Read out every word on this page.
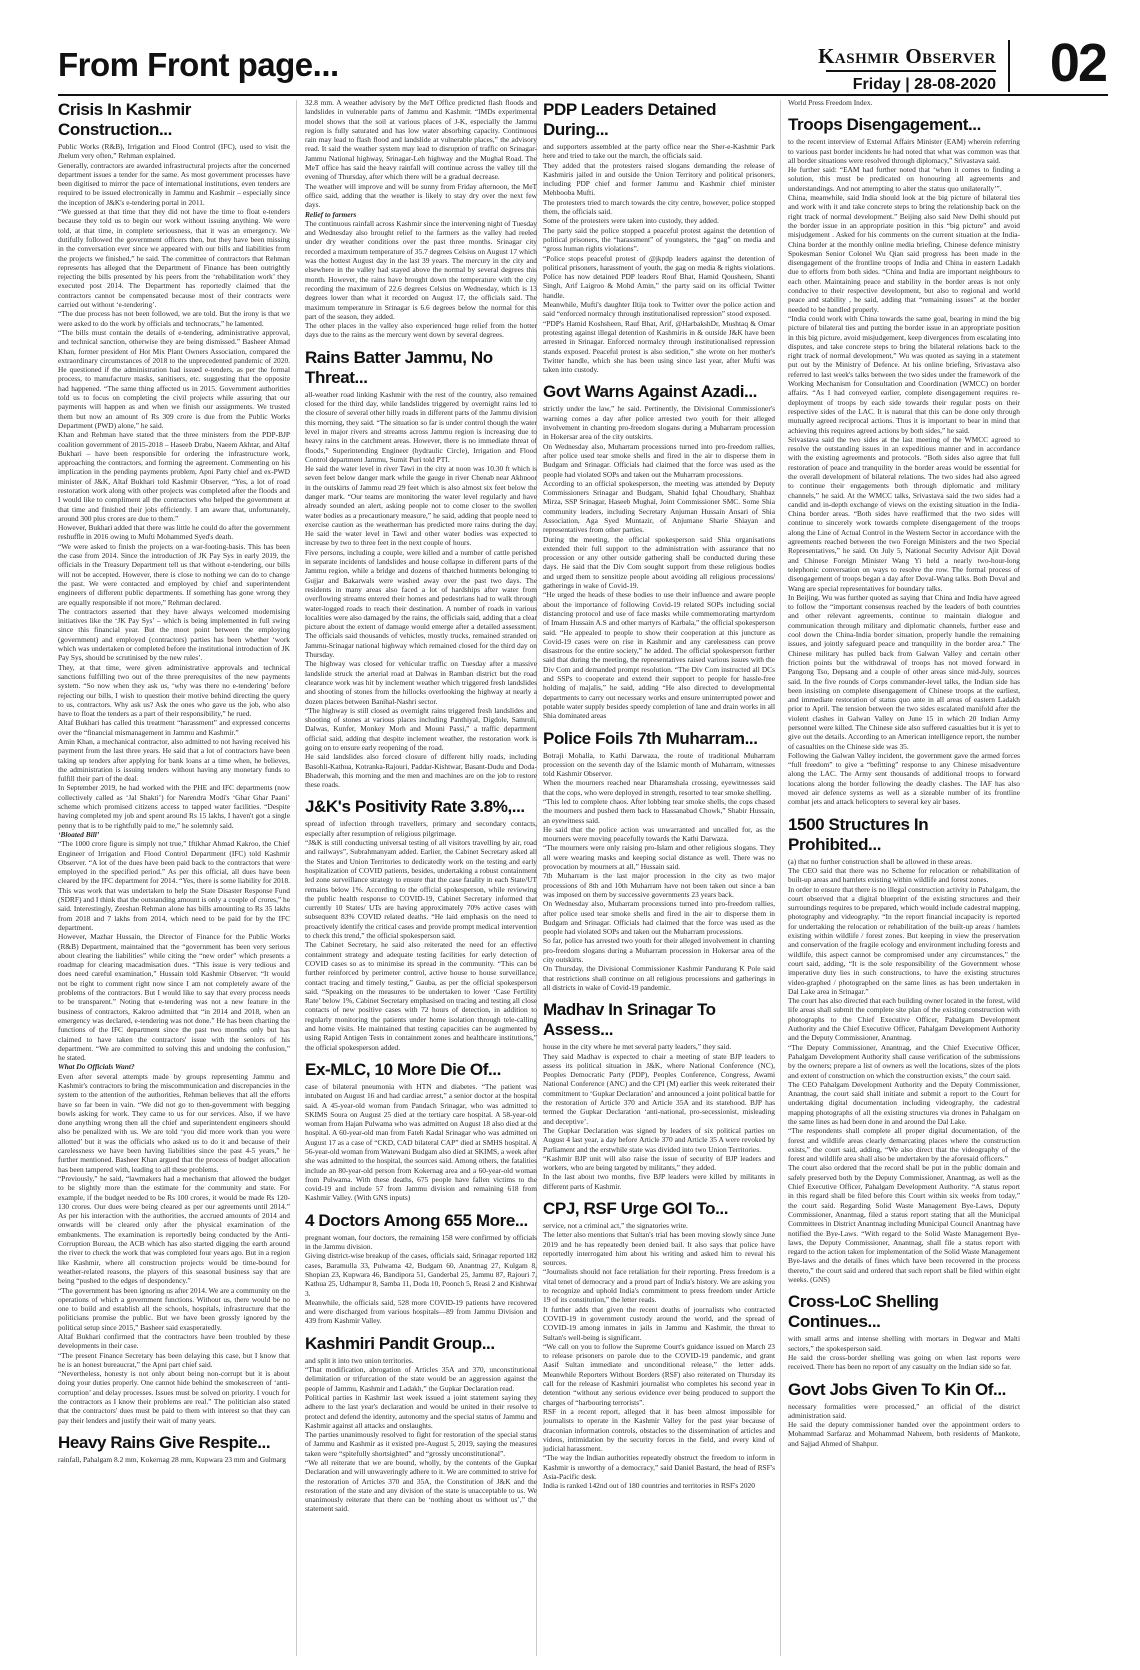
From Front page...	Kashmir Observer
Friday | 28-08-2020 02
Crisis In Kashmir Construction...

Public Works (R&B), Irrigation and Flood Control (IFC), used to visit the Jhelum very often,” Rehman explained.

Generally, contractors are awarded infrastructural projects after the concerned department issues a tender for the same. As most government processes have been digitised to mirror the pace of international institutions, even tenders are required to be issued electronically in Jammu and Kashmir – especially since the inception of J&K's e-tendering portal in 2011.

“We guessed at that time that they did not have the time to float e-tenders because they told us to begin our work without issuing anything. We were told, at that time, in complete seriousness, that it was an emergency. We dutifully followed the government officers then, but they have been missing in the conversation ever since we appeared with our bills and liabilities from the projects we finished,” he said. The committee of contractors that Rehman represents has alleged that the Department of Finance has been outrightly rejecting the bills presented by his peers from the ‘rehabilitation work’ they executed post 2014. The Department has reportedly claimed that the contractors cannot be compensated because most of their contracts were carried out without ‘e-tendering’.

“The due process has not been followed, we are told. But the irony is that we were asked to do the work by officials and technocrats,” he lamented.

“The bills must contain the details of e-tendering, administrative approval, and technical sanction, otherwise they are being dismissed.” Basheer Ahmad Khan, former president of Hot Mix Plant Owners Association, compared the extraordinary circumstances of 2018 to the unprecedented pandemic of 2020. He questioned if the administration had issued e-tenders, as per the formal process, to manufacture masks, sanitisers, etc. suggesting that the opposite had happened. “The same thing affected us in 2015. Government authorities told us to focus on completing the civil projects while assuring that our payments will happen as and when we finish our assignments. We trusted them but now an amount of Rs 309 crore is due from the Public Works Department (PWD) alone,” he said.

Khan and Rehman have stated that the three ministers from the PDP-BJP coalition government of 2015-2018 – Haseeb Drabu, Naeem Akhtar, and Altaf Bukhari – have been responsible for ordering the infrastructure work, approaching the contractors, and forming the agreement. Commenting on his implication in the pending payments problem, Apni Party chief and ex-PWD minister of J&K, Altaf Bukhari told Kashmir Observer, “Yes, a lot of road restoration work along with other projects was completed after the floods and I would like to compliment all the contractors who helped the government at that time and finished their jobs efficiently. I am aware that, unfortunately, around 300 plus crores are due to them.”

However, Bukhari added that there was little he could do after the government reshuffle in 2016 owing to Mufti Mohammed Syed's death.

“We were asked to finish the projects on a war-footing-basis. This has been the case from 2014. Since the introduction of JK Pay Sys in early 2019, the officials in the Treasury Department tell us that without e-tendering, our bills will not be accepted. However, there is close to nothing we can do to change the past. We were contacted and employed by chief and superintendent engineers of different public departments. If something has gone wrong they are equally responsible if not more,” Rehman declared.

The contractors asserted that they have always welcomed modernising initiatives like the ‘JK Pay Sys’ – which is being implemented in full swing since this financial year. But the moot point between the employing (government) and employed (contractors) parties has been whether ‘work which was undertaken or completed before the institutional introduction of JK Pay Sys, should be scrutinised by the new rules’.

They, at that time, were given administrative approvals and technical sanctions fulfilling two out of the three prerequisites of the new payments system. “So now when they ask us, ‘why was there no e-tendering’ before rejecting our bills, I wish to question their motive behind directing the query to us, contractors. Why ask us? Ask the ones who gave us the job, who also have to float the tenders as a part of their responsibility,” he rued.

Altaf Bukhari has called this treatment “harassment” and expressed concerns over the “financial mismanagement in Jammu and Kashmir.”

Amin Khan, a mechanical contractor, also admitted to not having received his payment from the last three years. He said that a lot of contractors have been taking up tenders after applying for bank loans at a time when, he believes, the administration is issuing tenders without having any monetary funds to fulfill their part of the deal.

In September 2019, he had worked with the PHE and IFC departments (now collectively called as ‘Jal Shakti’) for Narendra Modi's ‘Ghar Ghar Paani’ scheme which promised citizens access to tapped water facilities. “Despite having completed my job and spent around Rs 15 lakhs, I haven't got a single penny that is to be rightfully paid to me,” he solemnly said.

‘Bloated Bill’

“The 1000 crore figure is simply not true,” Iftikhar Ahmad Kakroo, the Chief Engineer of Irrigation and Flood Control Department (IFC) told Kashmir Observer. “A lot of the dues have been paid back to the contractors that were employed in the specified period.” As per this official, all dues have been cleared by the IFC department for 2014. “Yes, there is some liability for 2018. This was work that was undertaken to help the State Disaster Response Fund (SDRF) and I think that the outstanding amount is only a couple of crores,” he said. Interestingly, Zeeshan Rehman alone has bills amounting to Rs 35 lakhs from 2018 and 7 lakhs from 2014, which need to be paid for by the IFC department.

However, Mazhar Hussain, the Director of Finance for the Public Works (R&B) Department, maintained that the “government has been very serious about clearing the liabilities” while citing the “new order” which presents a roadmap for clearing macadmisation dues. “This issue is very tedious and does need careful examination,” Hussain told Kashmir Observer. “It would not be right to comment right now since I am not completely aware of the problems of the contractors. But I would like to say that every process needs to be transparent.” Noting that e-tendering was not a new feature in the business of contractors, Kakroo admitted that “in 2014 and 2018, when an emergency was declared, e-tendering was not done.” He has been charting the functions of the IFC department since the past two months only but has claimed to have taken the contractors' issue with the seniors of his department. “We are committed to solving this and undoing the confusion,” he stated.

What Do Officials Want?

Even after several attempts made by groups representing Jammu and Kashmir's contractors to bring the miscommunication and discrepancies in the system to the attention of the authorities, Rehman believes that all the efforts have so far been in vain. “We did not go to then-government with begging bowls asking for work. They came to us for our services. Also, if we have done anything wrong then all the chief and superintendent engineers should also be penalized with us. We are told ‘you did more work than you were allotted’ but it was the officials who asked us to do it and because of their carelessness we have been having liabilities since the past 4-5 years,” he further mentioned. Basheer Khan argued that the process of budget allocation has been tampered with, leading to all these problems.

“Previously,” he said, “lawmakers had a mechanism that allowed the budget to be slightly more than the estimate for the community and state. For example, if the budget needed to be Rs 100 crores, it would be made Rs 120-130 crores. Our dues were being cleared as per our agreements until 2014.” As per his interaction with the authorities, the accrued amounts of 2014 and onwards will be cleared only after the physical examination of the embankments. The examination is reportedly being conducted by the Anti-Corruption Bureau, the ACB which has also started digging the earth around the river to check the work that was completed four years ago. But in a region like Kashmir, where all construction projects would be time-bound for weather-related reasons, the players of this seasonal business say that are being “pushed to the edges of despondency.”

“The government has been ignoring us after 2014. We are a community on the operations of which a government functions. Without us, there would be no one to build and establish all the schools, hospitals, infrastructure that the politicians promise the public. But we have been grossly ignored by the political setup since 2015,” Basheer said exasperatedly.

Altaf Bukhari confirmed that the contractors have been troubled by these developments in their case.

“The present Finance Secretary has been delaying this case, but I know that he is an honest bureaucrat,” the Apni part chief said.

“Nevertheless, honesty is not only about being non-corrupt but it is about doing your duties properly. One cannot hide behind the smokescreen of ‘anti-corruption’ and delay processes. Issues must be solved on priority. I vouch for the contractors as I know their problems are real.” The politician also stated that the contractors' dues must be paid to them with interest so that they can pay their lenders and justify their wait of many years.

Heavy Rains Give Respite...

rainfall, Pahalgam 8.2 mm, Kokernag 28 mm, Kupwara 23 mm and Gulmarg

32.8 mm. A weather advisory by the MeT Office predicted flash floods and landslides in vulnerable parts of Jammu and Kashmir. “IMDs experimental model shows that the soil at various places of J-K, especially the Jammu region is fully saturated and has low water absorbing capacity. Continuous rain may lead to flash flood and landslide at vulnerable places,” the advisory read. It said the weather system may lead to disruption of traffic on Srinagar-Jammu National highway, Srinagar-Leh highway and the Mughal Road. The MeT office has said the heavy rainfall will continue across the valley till the evening of Thursday, after which there will be a gradual decrease.

The weather will improve and will be sunny from Friday afternoon, the MeT office said, adding that the weather is likely to stay dry over the next few days.

Relief to farmers

The continuous rainfall across Kashmir since the intervening night of Tuesday and Wednesday also brought relief to the farmers as the valley had reeled under dry weather conditions over the past three months. Srinagar city recorded a maximum temperature of 35.7 degrees Celsius on August 17 which was the hottest August day in the last 39 years. The mercury in the city and elsewhere in the valley had stayed above the normal by several degrees this month. However, the rains have brought down the temperature with the city recording the maximum of 22.6 degrees Celsius on Wednesday, which is 13 degrees lower than what it recorded on August 17, the officials said. The maximum temperature in Srinagar is 6.6 degrees below the normal for this part of the season, they added.

The other places in the valley also experienced huge relief from the hotter days due to the rains as the mercury went down by several degrees.

Rains Batter Jammu, No Threat...

all-weather road linking Kashmir with the rest of the country, also remained closed for the third day, while landslides triggered by overnight rains led to the closure of several other hilly roads in different parts of the Jammu division this morning, they said. “The situation so far is under control though the water level in major rivers and streams across Jammu region is increasing due to heavy rains in the catchment areas. However, there is no immediate threat of floods,” Superintending Engineer (hydraulic Circle), Irrigation and Flood Control department Jammu, Sumit Puri told PTI.

He said the water level in river Tawi in the city at noon was 10.30 ft which is seven feet below danger mark while the gauge in river Chenab near Akhnoor in the outskirts of Jammu read 29 feet which is also almost six feet below the danger mark. “Our teams are monitoring the water level regularly and have already sounded an alert, asking people not to come closer to the swollen water bodies as a precautionary measure,” he said, adding that people need to exercise caution as the weatherman has predicted more rains during the day. He said the water level in Tawi and other water bodies was expected to increase by two to three feet in the next couple of hours.

Five persons, including a couple, were killed and a number of cattle perished in separate incidents of landslides and house collapse in different parts of the Jammu region, while a bridge and dozens of thatched hutments belonging to Gujjar and Bakarwals were washed away over the past two days. The residents in many areas also faced a lot of hardships after water from overflowing streams entered their homes and pedestrians had to walk through water-logged roads to reach their destination. A number of roads in various localities were also damaged by the rains, the officials said, adding that a clear picture about the extent of damage would emerge after a detailed assessment. The officials said thousands of vehicles, mostly trucks, remained stranded on Jammu-Srinagar national highway which remained closed for the third day on Thursday.

The highway was closed for vehicular traffic on Tuesday after a massive landslide struck the arterial road at Dalwas in Ramban district but the road clearance work was hit by inclement weather which triggered fresh landslides and shooting of stones from the hillocks overlooking the highway at nearly a dozen places between Banihal-Nashri sector.

“The highway is still closed as overnight rains triggered fresh landslides and shooting of stones at various places including Panthiyal, Digdole, Samroli, Dalwas, Kunfer, Monkey Morh and Mouni Passi,” a traffic department official said, adding that despite inclement weather, the restoration work is going on to ensure early reopening of the road.

He said landslides also forced closure of different hilly roads, including Basohli-Kathua, Kotranka-Rajouri, Paddar-Kishtwar, Basant-Dudu and Doda-Bhaderwah, this morning and the men and machines are on the job to restore these roads.

J&K's Positivity Rate 3.8%,...

spread of infection through travellers, primary and secondary contacts, especially after resumption of religious pilgrimage.

“J&K is still conducting universal testing of all visitors travelling by air, road and railways”, Subrahmanyam added. Earlier, the Cabinet Secretary asked all the States and Union Territories to dedicatedly work on the testing and early hospitalization of COVID patients, besides, undertaking a robust containment led zone surveillance strategy to ensure that the case fatality in each State/UT remains below 1%. According to the official spokesperson, while reviewing the public health response to COVID-19, Cabinet Secretary informed that currently 10 States/ UTs are having approximately 70% active cases with subsequent 83% COVID related deaths. “He laid emphasis on the need to proactively identify the critical cases and provide prompt medical intervention to check this trend,” the official spokesperson said.

The Cabinet Secretary, he said also reiterated the need for an effective containment strategy and adequate testing facilities for early detection of COVID cases so as to minimise its spread in the community. “This can be further reinforced by perimeter control, active house to house surveillance, contact tracing and timely testing,” Gauba, as per the official spokesperson said. “Speaking on the measures to be undertaken to lower ‘Case Fertility Rate’ below 1%, Cabinet Secretary emphasised on tracing and testing all close contacts of new positive cases with 72 hours of detection, in addition to regularly monitoring the patients under home isolation through tele-calling and home visits. He maintained that testing capacities can be augmented by using Rapid Antigen Tests in containment zones and healthcare institutions,” the official spokesperson added.

Ex-MLC, 10 More Die Of...

case of bilateral pneumonia with HTN and diabetes. “The patient was intubated on August 16 and had cardiac arrest,” a senior doctor at the hospital said. A 45-year-old woman from Pandach Srinagar, who was admitted to SKIMS Soura on August 25 died at the tertiary care hospital. A 58-year-old woman from Hajan Pulwama who was admitted on August 18 also died at the hospital. A 60-year-old man from Fateh Kadal Srinagar who was admitted on August 17 as a case of “CKD, CAD bilateral CAP” died at SMHS hospital. A 56-year-old woman from Watewani Budgam also died at SKIMS, a week after she was admitted to the hospital, the sources said. Among others, the fatalities include an 80-year-old person from Kokernag area and a 60-year-old woman from Pulwama. With these deaths, 675 people have fallen victims to the covid-19 and include 57 from Jammu division and remaining 618 from Kashmir Valley. (With GNS inputs)

4 Doctors Among 655 More...

pregnant woman, four doctors, the remaining 158 were confirmed by officials in the Jammu division.

Giving district-wise breakup of the cases, officials said, Srinagar reported 182 cases, Baramulla 33, Pulwama 42, Budgam 60, Anantnag 27, Kulgam 8, Shopian 23, Kupwara 46, Bandipora 51, Ganderbal 25, Jammu 87, Rajouri 7, Kathua 25, Udhampur 8, Samba 11, Doda 10, Poonch 5, Reasi 2 and Kishtwar 3.

Meanwhile, the officials said, 528 more COVID-19 patients have recovered and were discharged from various hospitals—89 from Jammu Division and 439 from Kashmir Valley.

Kashmiri Pandit Group...

and split it into two union territories.

“That modification, abrogation of Articles 35A and 370, unconstitutional delimitation or trifurcation of the state would be an aggression against the people of Jammu, Kashmir and Ladakh,” the Gupkar Declaration read.

Political parties in Kashmir last week issued a joint statement saying they adhere to the last year's declaration and would be united in their resolve to protect and defend the identity, autonomy and the special status of Jammu and Kashmir against all attacks and onslaughts.

The parties unanimously resolved to fight for restoration of the special status of Jammu and Kashmir as it existed pre-August 5, 2019, saying the measures taken were “spitefully shortsighted” and “grossly unconstitutional”.

“We all reiterate that we are bound, wholly, by the contents of the Gupkar Declaration and will unwaveringly adhere to it. We are committed to strive for the restoration of Articles 370 and 35A, the Constitution of J&K and the restoration of the state and any division of the state is unacceptable to us. We unanimously reiterate that there can be ‘nothing about us without us’,” the statement said.

PDP Leaders Detained During...

and supporters assembled at the party office near the Sher-e-Kashmir Park here and tried to take out the march, the officials said.

They added that the protesters raised slogans demanding the release of Kashmiris jailed in and outside the Union Territory and political prisoners, including PDP chief and former Jammu and Kashmir chief minister Mehbooba Mufti.

The protesters tried to march towards the city centre, however, police stopped them, the officials said.

Some of the protesters were taken into custody, they added.

The party said the police stopped a peaceful protest against the detention of political prisoners, the “harassment” of youngsters, the “gag” on media and “gross human rights violations”.

“Police stops peaceful protest of @jkpdp leaders against the detention of political prisoners, harassment of youth, the gag on media & rights violations. Police has now detained PDP leaders Rouf Bhat, Hamid Qousheen, Shanti Singh, Arif Laigroo & Mohd Amin,” the party said on its official Twitter handle.

Meanwhile, Mufti's daughter Iltija took to Twitter over the police action and said “enforced normalcy through institutionalised repression” stood exposed.

“PDP's Hamid Koshsheen, Rauf Bhat, Arif, @HarbakshDr, Mushtaq & Omar protesting against illegal detention of Kashmiris in & outside J&K have been arrested in Srinagar. Enforced normalcy through institutionalised repression stands exposed. Peaceful protest is also sedition,” she wrote on her mother's Twitter handle, which she has been using since last year, after Mufti was taken into custody.

Govt Warns Against Azadi...

strictly under the law,” he said. Pertinently, the Divisional Commissioner's warning comes a day after police arrested two youth for their alleged involvement in chanting pro-freedom slogans during a Muharram procession in Hokersar area of the city outskirts.

On Wednesday also, Muharram processions turned into pro-freedom rallies, after police used tear smoke shells and fired in the air to disperse them in Budgam and Srinagar. Officials had claimed that the force was used as the people had violated SOPs and taken out the Muharram processions.

According to an official spokesperson, the meeting was attended by Deputy Commissioners Srinagar and Budgam, Shahid Iqbal Choudhary, Shahbaz Mirza, SSP Srinagar, Haseeb Mughal, Joint Commissioner SMC. Some Shia community leaders, including Secretary Anjuman Hussain Ansari of Shia Association, Aga Syed Muntazir, of Anjumane Sharie Shiayan and representatives from other parties.

During the meeting, the official spokesperson said Shia organisations extended their full support to the administration with assurance that no procession or any other outside gathering shall be conducted during these days. He said that the Div Com sought support from these religious bodies and urged them to sensitize people about avoiding all religious processions/ gatherings in wake of Covid-19.

“He urged the heads of these bodies to use their influence and aware people about the importance of following Covid-19 related SOPs including social distancing protocol and use of face masks while commemorating martyrdom of Imam Hussain A.S and other martyrs of Karbala,” the official spokesperson said. “He appealed to people to show their cooperation at this juncture as Covid-19 cases were on rise in Kashmir and any carelessness can prove disastrous for the entire society,” he added. The official spokesperson further said that during the meeting, the representatives raised various issues with the Div Com and demanded prompt resolution. “The Div Com instructed all DCs and SSPs to cooperate and extend their support to people for hassle-free holding of majalis,” he said, adding “He also directed to developmental departments to carry out necessary works and ensure uninterrupted power and potable water supply besides speedy completion of lane and drain works in all Shia dominated areas

Police Foils 7th Muharram...

Botraji Mohalla, to Kathi Darwaza, the route of traditional Muharram procession on the seventh day of the Islamic month of Muharram, witnesses told Kashmir Observer.

When the mourners reached near Dharamshala crossing, eyewitnesses said that the cops, who were deployed in strength, resorted to tear smoke shelling.

“This led to complete chaos. After lobbing tear smoke shells, the cops chased the mourners and pushed them back to Hassanabad Chowk,” Shabir Hussain, an eyewitness said.

He said that the police action was unwarranted and uncalled for, as the mourners were moving peacefully towards the Kathi Darwaza.

“The mourners were only raising pro-Islam and other religious slogans. They all were wearing masks and keeping social distance as well. There was no provocation by mourners at all,” Hussain said.

7th Muharram is the last major procession in the city as two major processions of 8th and 10th Muharram have not been taken out since a ban was imposed on them by successive governments 23 years back.

On Wednesday also, Muharram processions turned into pro-freedom rallies, after police used tear smoke shells and fired in the air to disperse them in Budgam and Srinagar. Officials had claimed that the force was used as the people had violated SOPs and taken out the Muharram processions.

So far, police has arrested two youth for their alleged involvement in chanting pro-freedom slogans during a Muharram procession in Hokersar area of the city outskirts.

On Thursday, the Divisional Commissioner Kashmir Pandurang K Pole said that restrictions shall continue on all religious processions and gatherings in all districts in wake of Covid-19 pandemic.

Madhav In Srinagar To Assess...

house in the city where he met several party leaders,” they said.

They said Madhav is expected to chair a meeting of state BJP leaders to assess its political situation in J&K, where National Conference (NC), Peoples Democratic Party (PDP), Peoples Conference, Congress, Awami National Conference (ANC) and the CPI (M) earlier this week reiterated their commitment to ‘Gupkar Declaration’ and announced a joint political battle for the restoration of Article 370 and Article 35A and its statehood. BJP has termed the Gupkar Declaration ‘anti-national, pro-secessionist, misleading and deceptive’.

The Gupkar Declaration was signed by leaders of six political parties on August 4 last year, a day before Article 370 and Article 35 A were revoked by Parliament and the erstwhile state was divided into two Union Territories.

“Kashmir BJP unit will also raise the issue of security of BJP leaders and workers, who are being targeted by militants,” they added.

In the last about two months, five BJP leaders were killed by militants in different parts of Kashmir.

CPJ, RSF Urge GOI To...

service, not a criminal act,” the signatories write.

The letter also mentions that Sultan's trial has been moving slowly since June 2019 and he has repeatedly been denied bail. It also says that police have reportedly interrogated him about his writing and asked him to reveal his sources.

“Journalists should not face retaliation for their reporting. Press freedom is a vital tenet of democracy and a proud part of India's history. We are asking you to recognize and uphold India's commitment to press freedom under Article 19 of its constitution,” the letter reads.

It further adds that given the recent deaths of journalists who contracted COVID-19 in government custody around the world, and the spread of COVID-19 among inmates in jails in Jammu and Kashmir, the threat to Sultan's well-being is significant.

“We call on you to follow the Supreme Court's guidance issued on March 23 to release prisoners on parole due to the COVID-19 pandemic, and grant Aasif Sultan immediate and unconditional release,” the letter adds. Meanwhile Reporters Without Borders (RSF) also reiterated on Thursday its call for the release of Kashmiri journalist who completes his second year in detention “without any serious evidence ever being produced to support the charges of “harbouring terrorists”.

RSF in a recent report, alleged that it has been almost impossible for journalists to operate in the Kashmir Valley for the past year because of draconian information controls, obstacles to the dissemination of articles and videos, intimidation by the security forces in the field, and every kind of judicial harassment.

“The way the Indian authorities repeatedly obstruct the freedom to inform in Kashmir is unworthy of a democracy,” said Daniel Bastard, the head of RSF's Asia-Pacific desk.

India is ranked 142nd out of 180 countries and territories in RSF's 2020

World Press Freedom Index.

Troops Disengagement...

to the recent interview of External Affairs Minister (EAM) wherein referring to various past border incidents he had noted that what was common was that all border situations were resolved through diplomacy,” Srivastava said.

He further said: “EAM had further noted that ‘when it comes to finding a solution, this must be predicated on honouring all agreements and understandings. And not attempting to alter the status quo unilaterally’”.

China, meanwhile, said India should look at the big picture of bilateral ties and work with it and take concrete steps to bring the relationship back on the right track of normal development.” Beijing also said New Delhi should put the border issue in an appropriate position in this “big picture” and avoid misjudgement . Asked for his comments on the current situation at the India-China border at the monthly online media briefing, Chinese defence ministry Spokesman Senior Colonel Wu Qian said progress has been made in the disengagement of the frontline troops of India and China in eastern Ladakh due to efforts from both sides. “China and India are important neighbours to each other. Maintaining peace and stability in the border areas is not only conducive to their respective development, but also to regional and world peace and stability , he said, adding that “remaining issues” at the border needed to be handled properly.

“India could work with China towards the same goal, bearing in mind the big picture of bilateral ties and putting the border issue in an appropriate position in this big picture, avoid misjudgement, keep divergences from escalating into disputes, and take concrete steps to bring the bilateral relations back to the right track of normal development,” Wu was quoted as saying in a statement put out by the Ministry of Defence. At his online briefing, Srivastava also referred to last week's talks between the two sides under the framework of the Working Mechanism for Consultation and Coordination (WMCC) on border affairs. “As I had conveyed earlier, complete disengagement requires re-deployment of troops by each side towards their regular posts on their respective sides of the LAC. It is natural that this can be done only through mutually agreed reciprocal actions. Thus it is important to bear in mind that achieving this requires agreed actions by both sides,” he said.

Srivastava said the two sides at the last meeting of the WMCC agreed to resolve the outstanding issues in an expeditious manner and in accordance with the existing agreements and protocols. “Both sides also agree that full restoration of peace and tranquility in the border areas would be essential for the overall development of bilateral relations. The two sides had also agreed to continue their engagements both through diplomatic and military channels,” he said. At the WMCC talks, Srivastava said the two sides had a candid and in-depth exchange of views on the existing situation in the India-China border areas. “Both sides have reaffirmed that the two sides will continue to sincerely work towards complete disengagement of the troops along the Line of Actual Control in the Western Sector in accordance with the agreements reached between the two Foreign Ministers and the two Special Representatives,” he said. On July 5, National Security Advisor Ajit Doval and Chinese Foreign Minister Wang Yi held a nearly two-hour-long telephonic conversation on ways to resolve the row. The formal process of disengagement of troops began a day after Doval-Wang talks. Both Doval and Wang are special representatives for boundary talks.

In Beijing, Wu was further quoted as saying that China and India have agreed to follow the “important consensus reached by the leaders of both countries and other relevant agreements, continue to maintain dialogue and communication through military and diplomatic channels, further ease and cool down the China-India border situation, properly handle the remaining issues, and jointly safeguard peace and tranquility in the border area.” The Chinese military has pulled back from Galwan Valley and certain other friction points but the withdrawal of troops has not moved forward in Pangong Tso, Depsang and a couple of other areas since mid-July, sources said. In the five rounds of Corps commander-level talks, the Indian side has been insisting on complete disengagement of Chinese troops at the earliest, and immediate restoration of status quo ante in all areas of eastern Ladakh prior to April. The tension between the two sides escalated manifold after the violent clashes in Galwan Valley on June 15 in which 20 Indian Army personnel were killed. The Chinese side also suffered casualties but it is yet to give out the details. According to an American intelligence report, the number of casualties on the Chinese side was 35.

Following the Galwan Valley incident, the government gave the armed forces “full freedom” to give a “befitting” response to any Chinese misadventure along the LAC. The Army sent thousands of additional troops to forward locations along the border following the deadly clashes. The IAF has also moved air defence systems as well as a sizeable number of its frontline combat jets and attack helicopters to several key air bases.

1500 Structures In Prohibited...

(a) that no further construction shall be allowed in these areas.

The CEO said that there was no Scheme for relocation or rehabilitation of built-up areas and hamlets existing within wildlife and forest zones.

In order to ensure that there is no illegal construction activity in Pahalgam, the court observed that a digital blueprint of the existing structures and their surroundings requires to be prepared, which would include cadestral mapping, photography and videography. “In the report financial incapacity is reported for undertaking the relocation or rehabilitation of the built-up areas / hamlets existing within wildlife / forest zones. But keeping in view the preservation and conservation of the fragile ecology and environment including forests and wildlife, this aspect cannot be compromised under any circumstances,” the court said, adding, “It is the sole responsibility of the Government whose imperative duty lies in such constructions, to have the existing structures video-graphed / photographed on the same lines as has been undertaken in Dal Lake area in Srinagar.”

The court has also directed that each building owner located in the forest, wild life areas shall submit the complete site plan of the existing construction with photographs to the Chief Executive Officer, Pahalgam Development Authority and the Chief Executive Officer, Pahalgam Development Authority and the Deputy Commissioner, Anantnag.

“The Deputy Commissioner, Anantnag, and the Chief Executive Officer, Pahalgam Development Authority shall cause verification of the submissions by the owners; prepare a list of owners as well the locations, sizes of the plots and extent of construction on which the construction exists,” the court said.

The CEO Pahalgam Development Authority and the Deputy Commissioner, Anantnag, the court said shall initiate and submit a report to the Court for undertaking digital documentation including videography, the cadestral mapping photographs of all the existing structures via drones in Pahalgam on the same lines as had been done in and around the Dal Lake.

“The respondents shall complete all proper digital documentation, of the forest and wildlife areas clearly demarcating places where the construction exists,” the court said, adding, “We also direct that the videography of the forest and wildlife area shall also be undertaken by the aforesaid officers.”

The court also ordered that the record shall be put in the public domain and safely preserved both by the Deputy Commissioner, Anantnag, as well as the Chief Executive Officer, Pahalgam Development Authority. “A status report in this regard shall be filed before this Court within six weeks from today,” the court said. Regarding Solid Waste Management Bye-Laws, Deputy Commissioner, Anantnag, filed a status report stating that all the Municipal Committees in District Anantnag including Municipal Council Anantnag have notified the Bye-Laws. “With regard to the Solid Waste Management Bye-laws, the Deputy Commissioner, Anantnag, shall file a status report with regard to the action taken for implementation of the Solid Waste Management Bye-laws and the details of fines which have been recovered in the process thereto,” the court said and ordered that such report shall be filed within eight weeks. (GNS)

Cross-LoC Shelling Continues...

with small arms and intense shelling with mortars in Degwar and Malti sectors,” the spokesperson said.

He said the cross-border shelling was going on when last reports were received. There has been no report of any casualty on the Indian side so far.

Govt Jobs Given To Kin Of...

necessary formalities were processed,” an official of the district administration said.

He said the deputy commissioner handed over the appointment orders to Mohammad Sarfaraz and Mohammad Naheem, both residents of Mankote, and Sajjad Ahmed of Shahpur.
